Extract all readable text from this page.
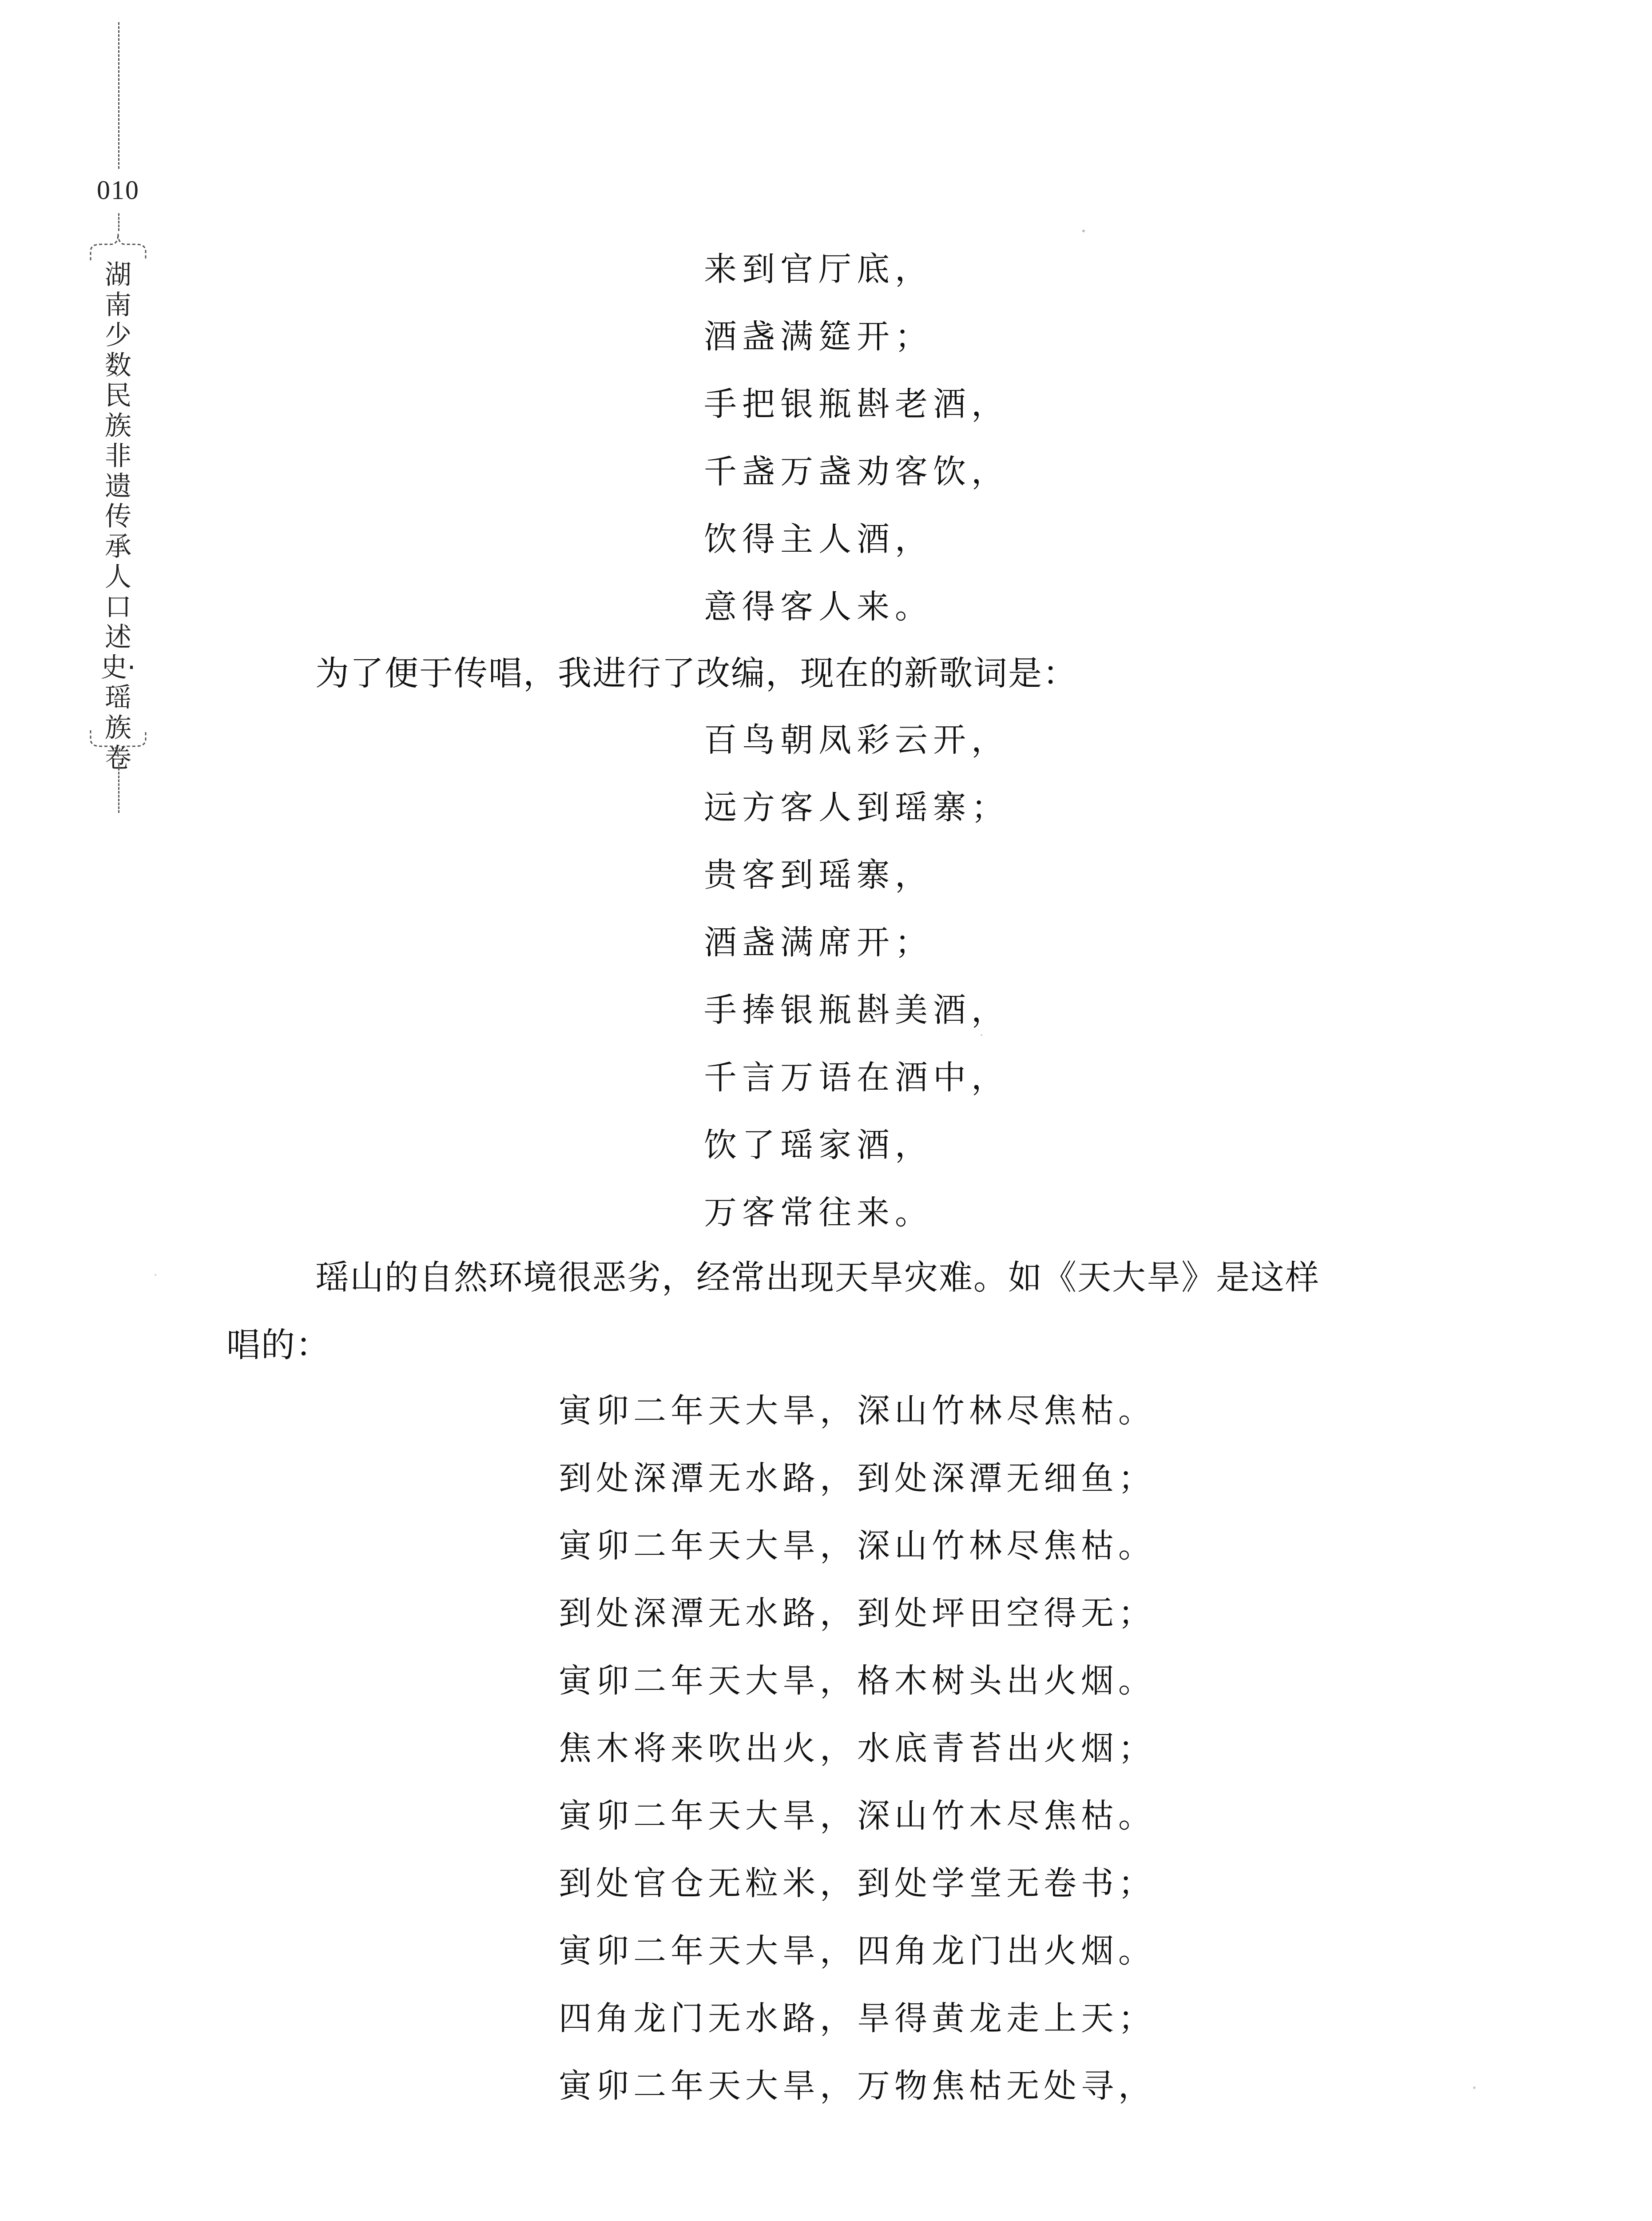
010
湖南少数民族非遗传承人口述史·瑶族卷
来到官厅底，
酒盏满筵开；
手把银瓶斟老酒，
千盏万盏劝客饮，
饮得主人酒，
意得客人来。

为了便于传唱，我进行了改编，现在的新歌词是：

百鸟朝凤彩云开，
远方客人到瑶寨；
贵客到瑶寨，
酒盏满席开；
手捧银瓶斟美酒，
千言万语在酒中，
饮了瑶家酒，
万客常往来。

瑶山的自然环境很恶劣，经常出现天旱灾难。如《天大旱》是这样

唱的：

寅卯二年天大旱，深山竹林尽焦枯。
到处深潭无水路，到处深潭无细鱼；
寅卯二年天大旱，深山竹林尽焦枯。
到处深潭无水路，到处坪田空得无；
寅卯二年天大旱，格木树头出火烟。
焦木将来吹出火，水底青苔出火烟；
寅卯二年天大旱，深山竹木尽焦枯。
到处官仓无粒米，到处学堂无卷书；
寅卯二年天大旱，四角龙门出火烟。
四角龙门无水路，旱得黄龙走上天；
寅卯二年天大旱，万物焦枯无处寻，
